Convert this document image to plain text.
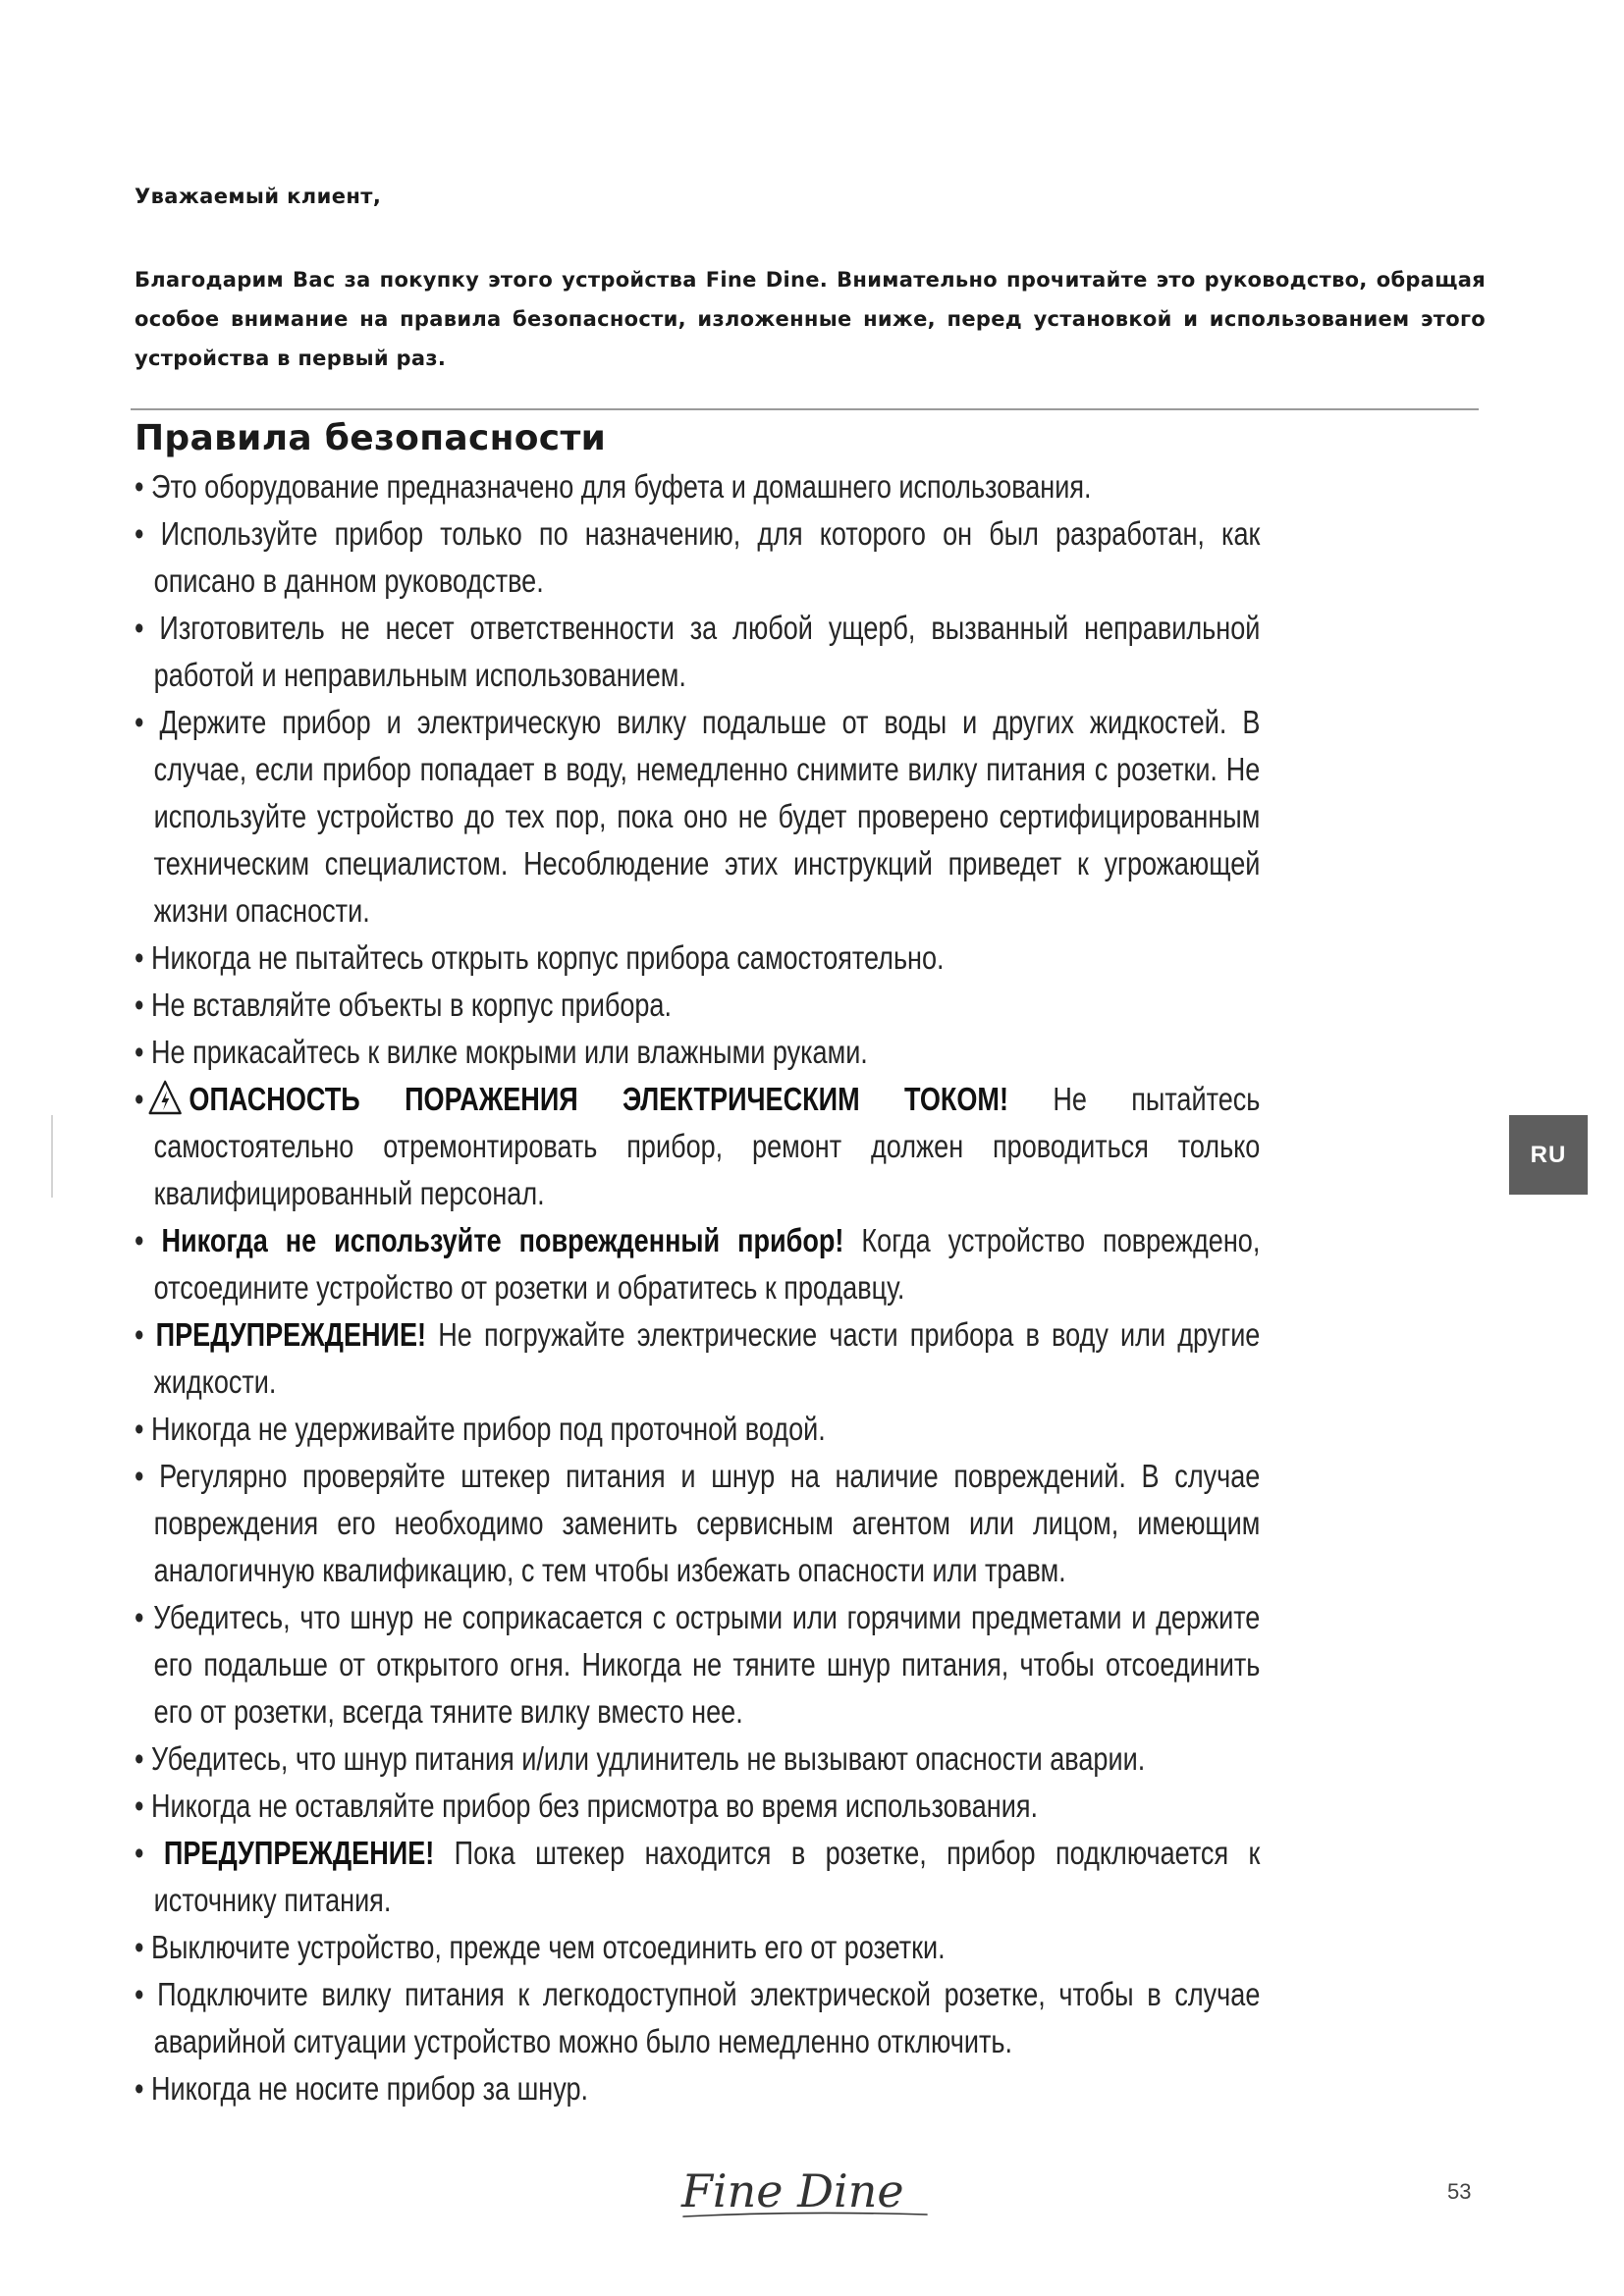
Уважаемый клиент,
Благодарим Вас за покупку этого устройства Fine Dine. Внимательно прочитайте это руководство, обращая особое внимание на правила безопасности, изложенные ниже, перед установкой и использованием этого устройства в первый раз.
Правила безопасности
• Это оборудование предназначено для буфета и домашнего использования.
• Используйте прибор только по назначению, для которого он был разработан, как описано в данном руководстве.
• Изготовитель не несет ответственности за любой ущерб, вызванный неправильной работой и неправильным использованием.
• Держите прибор и электрическую вилку подальше от воды и других жидкостей. В случае, если прибор попадает в воду, немедленно снимите вилку питания с розетки. Не используйте устройство до тех пор, пока оно не будет проверено сертифицированным техническим специалистом. Несоблюдение этих инструкций приведет к угрожающей жизни опасности.
• Никогда не пытайтесь открыть корпус прибора самостоятельно.
• Не вставляйте объекты в корпус прибора.
• Не прикасайтесь к вилке мокрыми или влажными руками.
• ОПАСНОСТЬ ПОРАЖЕНИЯ ЭЛЕКТРИЧЕСКИМ ТОКОМ! Не пытайтесь самостоятельно отремонтировать прибор, ремонт должен проводиться только квалифицированный персонал.
• Никогда не используйте поврежденный прибор! Когда устройство повреждено, отсоедините устройство от розетки и обратитесь к продавцу.
• ПРЕДУПРЕЖДЕНИЕ! Не погружайте электрические части прибора в воду или другие жидкости.
• Никогда не удерживайте прибор под проточной водой.
• Регулярно проверяйте штекер питания и шнур на наличие повреждений. В случае повреждения его необходимо заменить сервисным агентом или лицом, имеющим аналогичную квалификацию, с тем чтобы избежать опасности или травм.
• Убедитесь, что шнур не соприкасается с острыми или горячими предметами и держите его подальше от открытого огня. Никогда не тяните шнур питания, чтобы отсоединить его от розетки, всегда тяните вилку вместо нее.
• Убедитесь, что шнур питания и/или удлинитель не вызывают опасности аварии.
• Никогда не оставляйте прибор без присмотра во время использования.
• ПРЕДУПРЕЖДЕНИЕ! Пока штекер находится в розетке, прибор подключается к источнику питания.
• Выключите устройство, прежде чем отсоединить его от розетки.
• Подключите вилку питания к легкодоступной электрической розетке, чтобы в случае аварийной ситуации устройство можно было немедленно отключить.
• Никогда не носите прибор за шнур.
RU
Fine Dine	53
